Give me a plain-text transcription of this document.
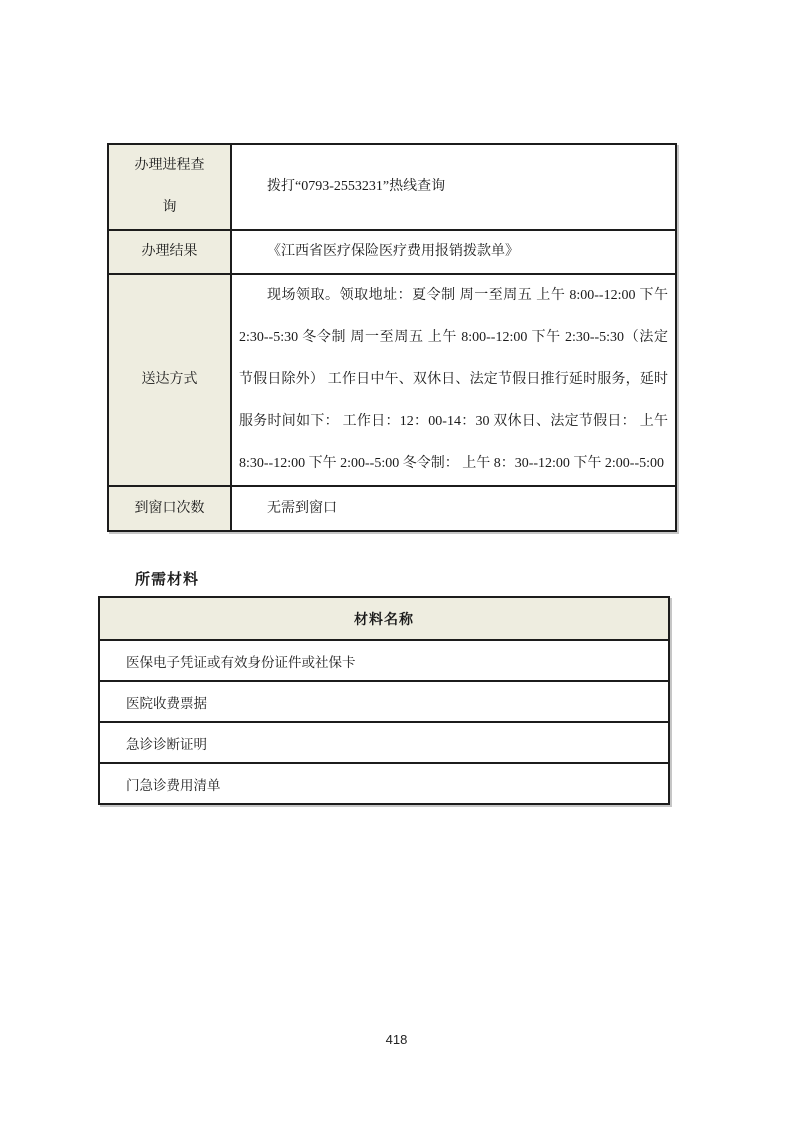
办理进程查询	拨打“0793-2553231”热线查询

办理结果	《江西省医疗保险医疗费用报销拨款单》

送达方式	现场领取。领取地址：夏令制 周一至周五 上午 8:00--12:00 下午 2:30--5:30 冬令制 周一至周五 上午 8:00--12:00 下午 2:30--5:30（法定节假日除外） 工作日中午、双休日、法定节假日推行延时服务，延时服务时间如下： 工作日：12：00-14：30 双休日、法定节假日： 上午 8:30--12:00 下午 2:00--5:00 冬令制： 上午 8：30--12:00 下午 2:00--5:00

到窗口次数	无需到窗口
所需材料
材料名称
医保电子凭证或有效身份证件或社保卡
医院收费票据
急诊诊断证明
门急诊费用清单
418
